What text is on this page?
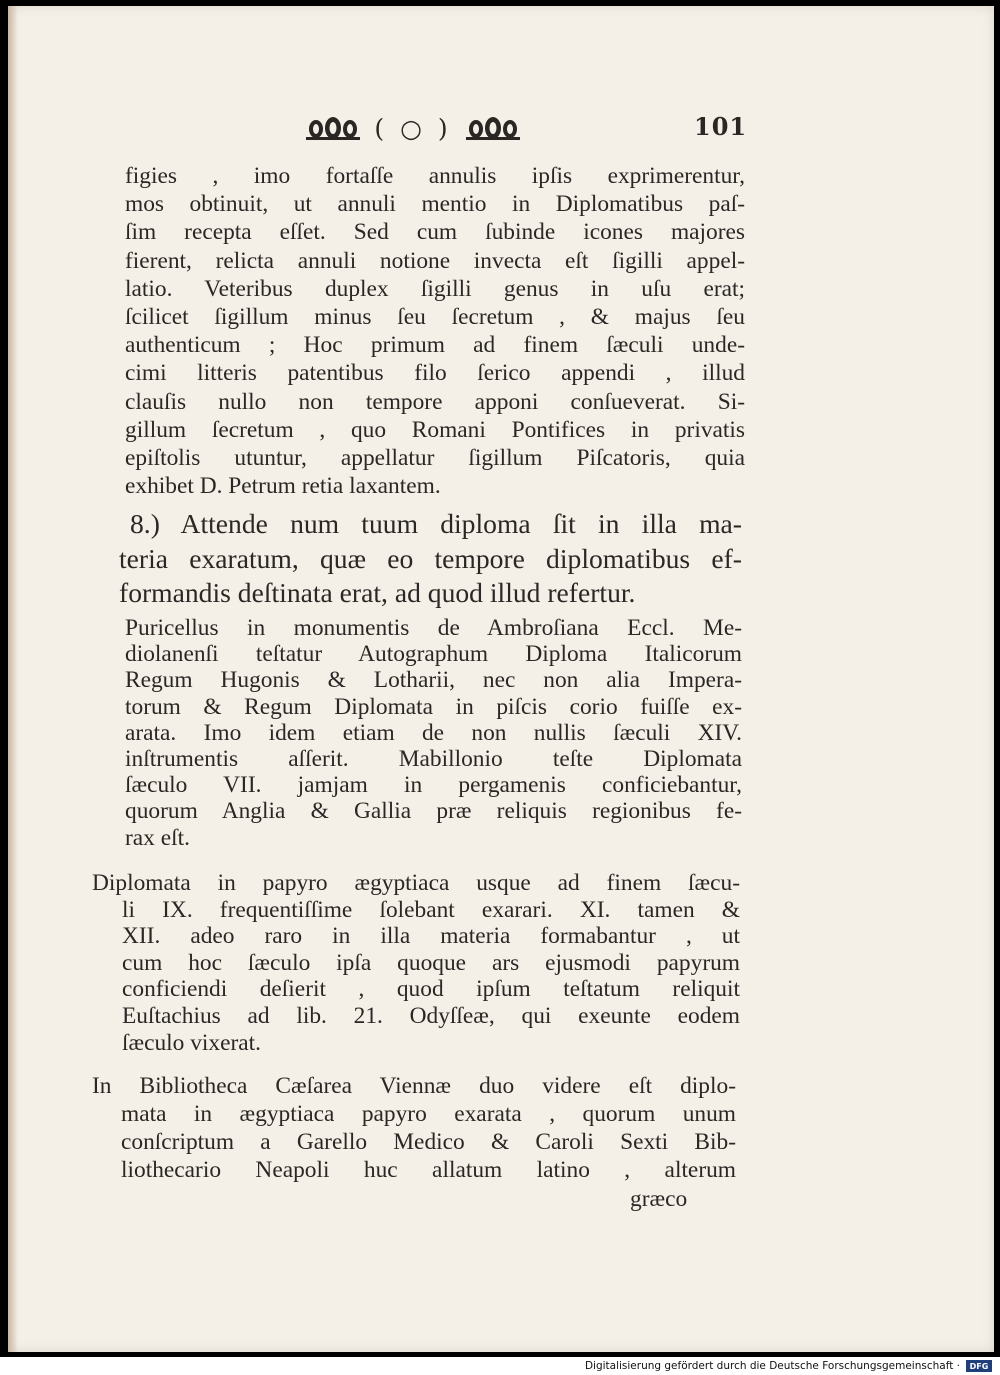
( ○ )	101
figies , imo fortaſſe annulis ipſis exprimerentur,
mos obtinuit, ut annuli mentio in Diplomatibus paſ-
ſim recepta eſſet. Sed cum ſubinde icones majores
fierent, relicta annuli notione invecta eſt ſigilli appel-
latio. Veteribus duplex ſigilli genus in uſu erat;
ſcilicet ſigillum minus ſeu ſecretum , & majus ſeu
authenticum ; Hoc primum ad finem ſæculi unde-
cimi litteris patentibus filo ſerico appendi , illud
clauſis nullo non tempore apponi conſueverat. Si-
gillum ſecretum , quo Romani Pontifices in privatis
epiſtolis utuntur, appellatur ſigillum Piſcatoris, quia
exhibet D. Petrum retia laxantem.
8.) Attende num tuum diploma ſit in illa ma-
teria exaratum, quæ eo tempore diplomatibus ef-
formandis deſtinata erat, ad quod illud refertur.
Puricellus in monumentis de Ambroſiana Eccl. Me-
diolanenſi teſtatur Autographum Diploma Italicorum
Regum Hugonis & Lotharii, nec non alia Impera-
torum & Regum Diplomata in piſcis corio fuiſſe ex-
arata. Imo idem etiam de non nullis ſæculi XIV.
inſtrumentis aſſerit. Mabillonio teſte Diplomata
ſæculo VII. jamjam in pergamenis conficiebantur,
quorum Anglia & Gallia præ reliquis regionibus fe-
rax eſt.
Diplomata in papyro ægyptiaca usque ad finem ſæcu-
li IX. frequentiſſime ſolebant exarari. XI. tamen &
XII. adeo raro in illa materia formabantur , ut
cum hoc ſæculo ipſa quoque ars ejusmodi papyrum
conficiendi deſierit , quod ipſum teſtatum reliquit
Euſtachius ad lib. 21. Odyſſeæ, qui exeunte eodem
ſæculo vixerat.
In Bibliotheca Cæſarea Viennæ duo videre eſt diplo-
mata in ægyptiaca papyro exarata , quorum unum
conſcriptum a Garello Medico & Caroli Sexti Bib-
liothecario Neapoli huc allatum latino , alterum
græco
Digitalisierung gefördert durch die Deutsche Forschungsgemeinschaft ·	DFG
